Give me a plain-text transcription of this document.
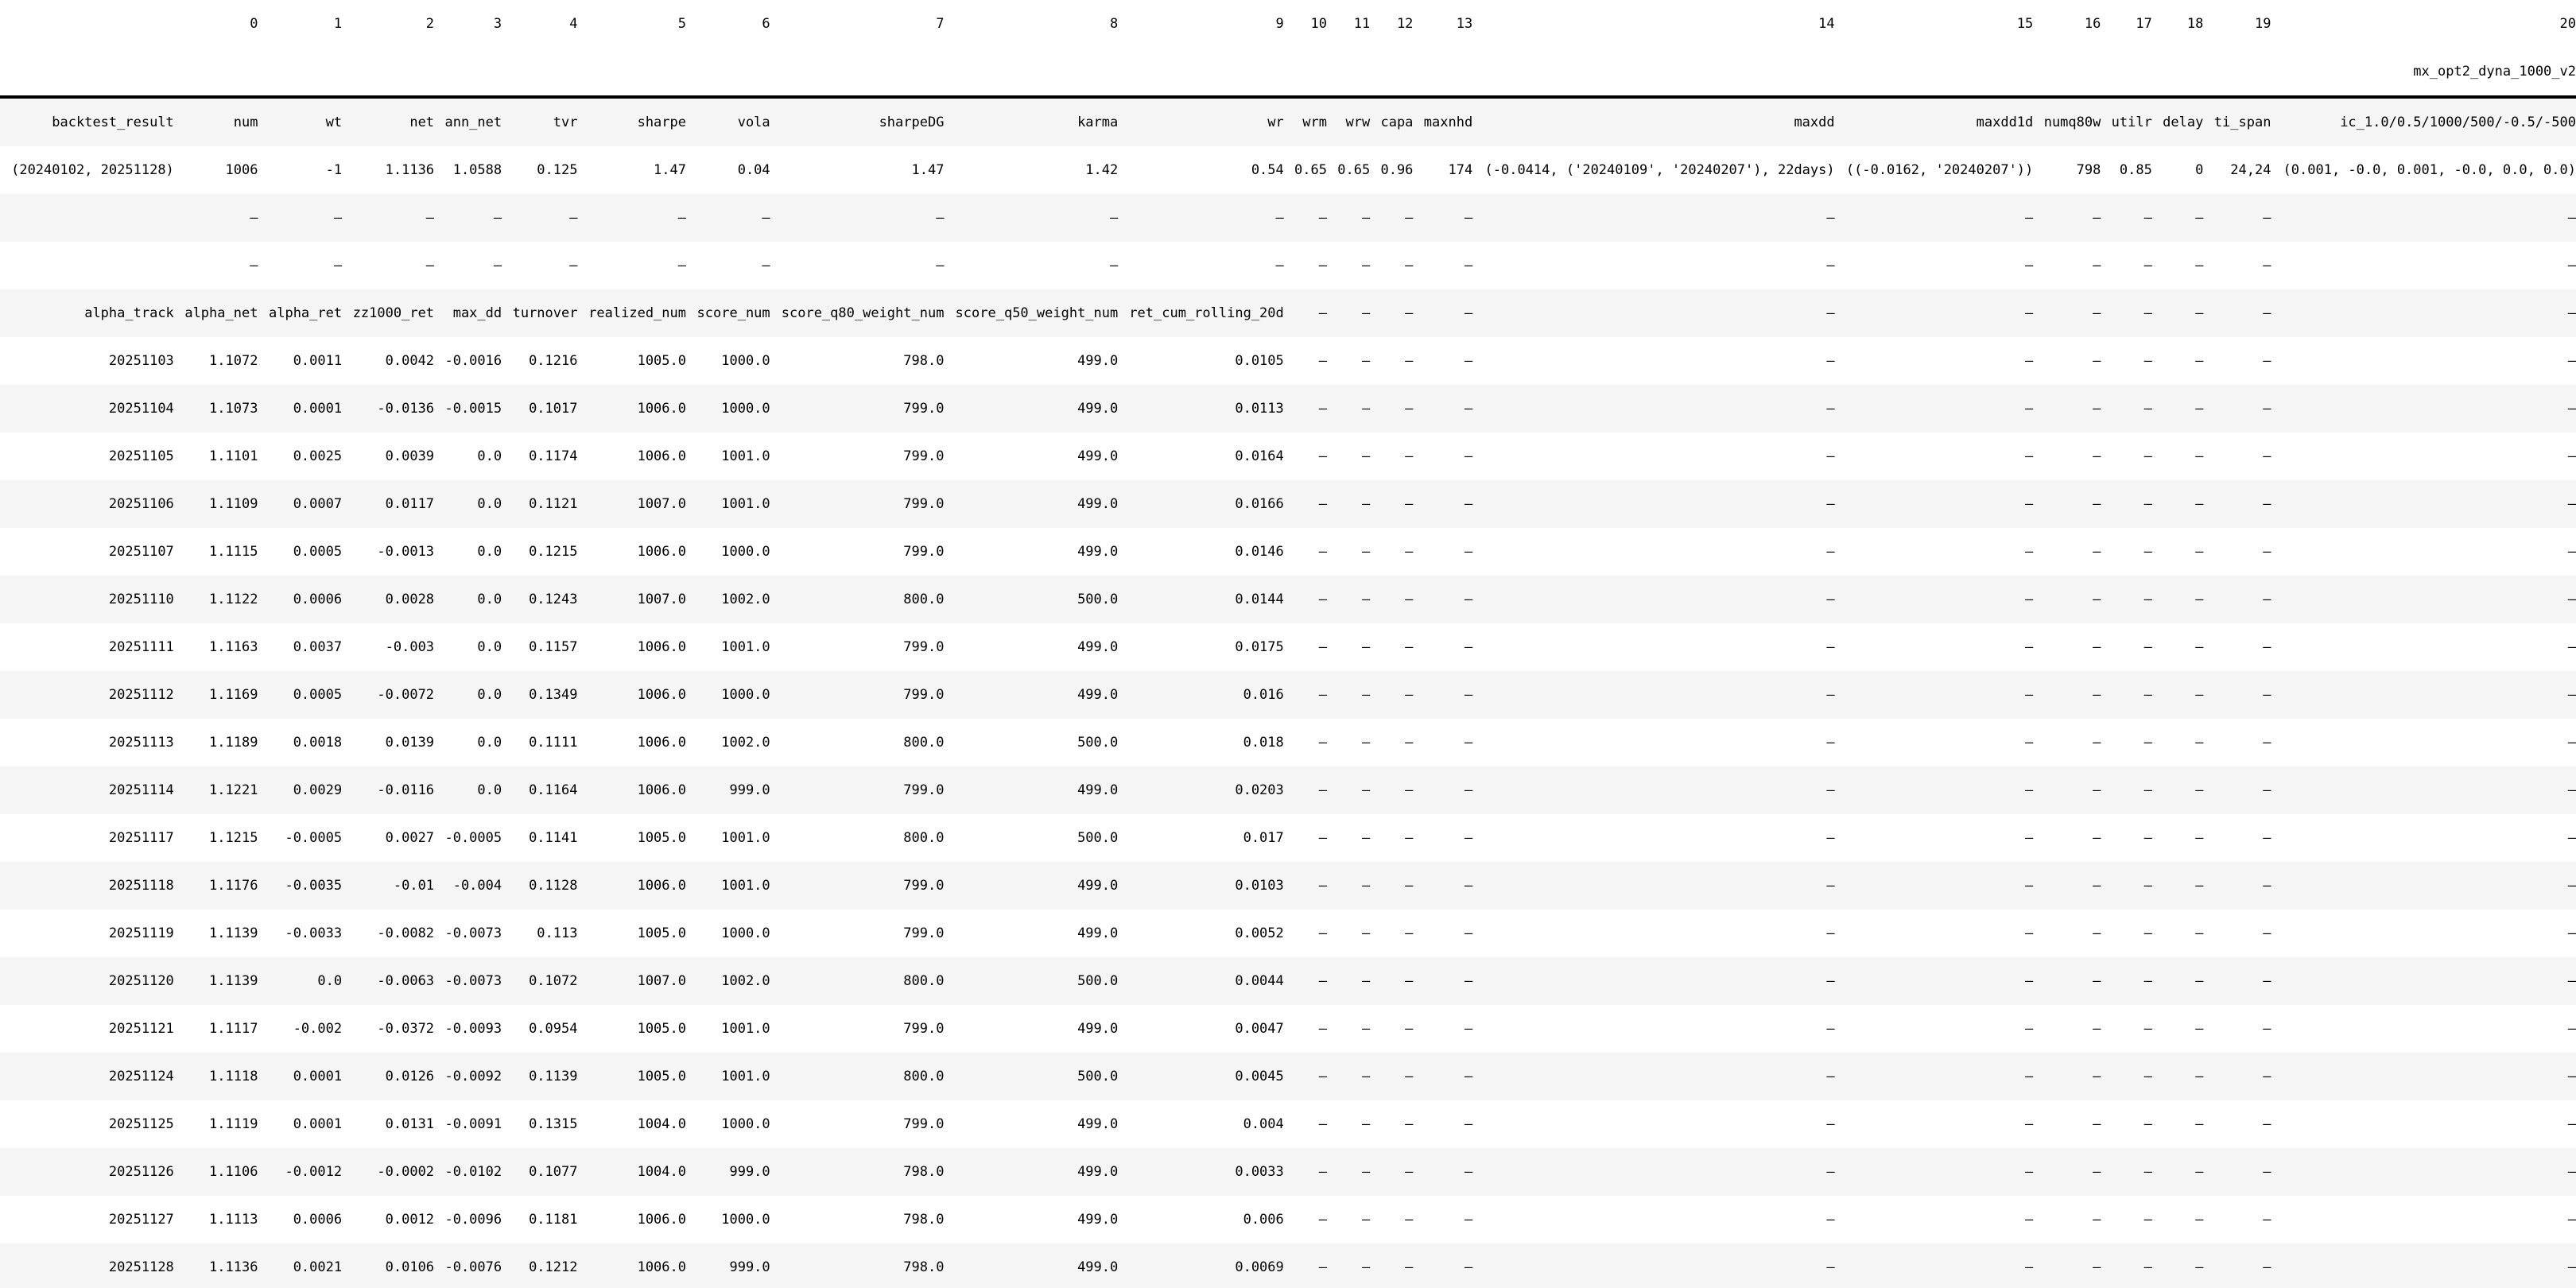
	0	1	2	3	4	5	6	7	8	9	10	11	12	13	14	15	16	17	18	19	20
mx_opt2_dyna_1000_v2																					
backtest_result	num	wt	net	ann_net	tvr	sharpe	vola	sharpeDG	karma	wr	wrm	wrw	capa	maxnhd	maxdd	maxdd1d	numq80w	utilr	delay	ti_span	ic_1.0/0.5/1000/500/-0.5/-500
(20240102, 20251128)	1006	-1	1.1136	1.0588	0.125	1.47	0.04	1.47	1.42	0.54	0.65	0.65	0.96	174	(-0.0414, ('20240109', '20240207'), 22days)	((-0.0162, '20240207'))	798	0.85	0	24,24	(0.001, -0.0, 0.001, -0.0, 0.0, 0.0)
	—	—	—	—	—	—	—	—	—	—	—	—	—	—	—	—	—	—	—	—	—
	—	—	—	—	—	—	—	—	—	—	—	—	—	—	—	—	—	—	—	—	—
alpha_track	alpha_net	alpha_ret	zz1000_ret	max_dd	turnover	realized_num	score_num	score_q80_weight_num	score_q50_weight_num	ret_cum_rolling_20d	—	—	—	—	—	—	—	—	—	—	—
20251103	1.1072	0.0011	0.0042	-0.0016	0.1216	1005.0	1000.0	798.0	499.0	0.0105	—	—	—	—	—	—	—	—	—	—	—
20251104	1.1073	0.0001	-0.0136	-0.0015	0.1017	1006.0	1000.0	799.0	499.0	0.0113	—	—	—	—	—	—	—	—	—	—	—
20251105	1.1101	0.0025	0.0039	0.0	0.1174	1006.0	1001.0	799.0	499.0	0.0164	—	—	—	—	—	—	—	—	—	—	—
20251106	1.1109	0.0007	0.0117	0.0	0.1121	1007.0	1001.0	799.0	499.0	0.0166	—	—	—	—	—	—	—	—	—	—	—
20251107	1.1115	0.0005	-0.0013	0.0	0.1215	1006.0	1000.0	799.0	499.0	0.0146	—	—	—	—	—	—	—	—	—	—	—
20251110	1.1122	0.0006	0.0028	0.0	0.1243	1007.0	1002.0	800.0	500.0	0.0144	—	—	—	—	—	—	—	—	—	—	—
20251111	1.1163	0.0037	-0.003	0.0	0.1157	1006.0	1001.0	799.0	499.0	0.0175	—	—	—	—	—	—	—	—	—	—	—
20251112	1.1169	0.0005	-0.0072	0.0	0.1349	1006.0	1000.0	799.0	499.0	0.016	—	—	—	—	—	—	—	—	—	—	—
20251113	1.1189	0.0018	0.0139	0.0	0.1111	1006.0	1002.0	800.0	500.0	0.018	—	—	—	—	—	—	—	—	—	—	—
20251114	1.1221	0.0029	-0.0116	0.0	0.1164	1006.0	999.0	799.0	499.0	0.0203	—	—	—	—	—	—	—	—	—	—	—
20251117	1.1215	-0.0005	0.0027	-0.0005	0.1141	1005.0	1001.0	800.0	500.0	0.017	—	—	—	—	—	—	—	—	—	—	—
20251118	1.1176	-0.0035	-0.01	-0.004	0.1128	1006.0	1001.0	799.0	499.0	0.0103	—	—	—	—	—	—	—	—	—	—	—
20251119	1.1139	-0.0033	-0.0082	-0.0073	0.113	1005.0	1000.0	799.0	499.0	0.0052	—	—	—	—	—	—	—	—	—	—	—
20251120	1.1139	0.0	-0.0063	-0.0073	0.1072	1007.0	1002.0	800.0	500.0	0.0044	—	—	—	—	—	—	—	—	—	—	—
20251121	1.1117	-0.002	-0.0372	-0.0093	0.0954	1005.0	1001.0	799.0	499.0	0.0047	—	—	—	—	—	—	—	—	—	—	—
20251124	1.1118	0.0001	0.0126	-0.0092	0.1139	1005.0	1001.0	800.0	500.0	0.0045	—	—	—	—	—	—	—	—	—	—	—
20251125	1.1119	0.0001	0.0131	-0.0091	0.1315	1004.0	1000.0	799.0	499.0	0.004	—	—	—	—	—	—	—	—	—	—	—
20251126	1.1106	-0.0012	-0.0002	-0.0102	0.1077	1004.0	999.0	798.0	499.0	0.0033	—	—	—	—	—	—	—	—	—	—	—
20251127	1.1113	0.0006	0.0012	-0.0096	0.1181	1006.0	1000.0	798.0	499.0	0.006	—	—	—	—	—	—	—	—	—	—	—
20251128	1.1136	0.0021	0.0106	-0.0076	0.1212	1006.0	999.0	798.0	499.0	0.0069	—	—	—	—	—	—	—	—	—	—	—
